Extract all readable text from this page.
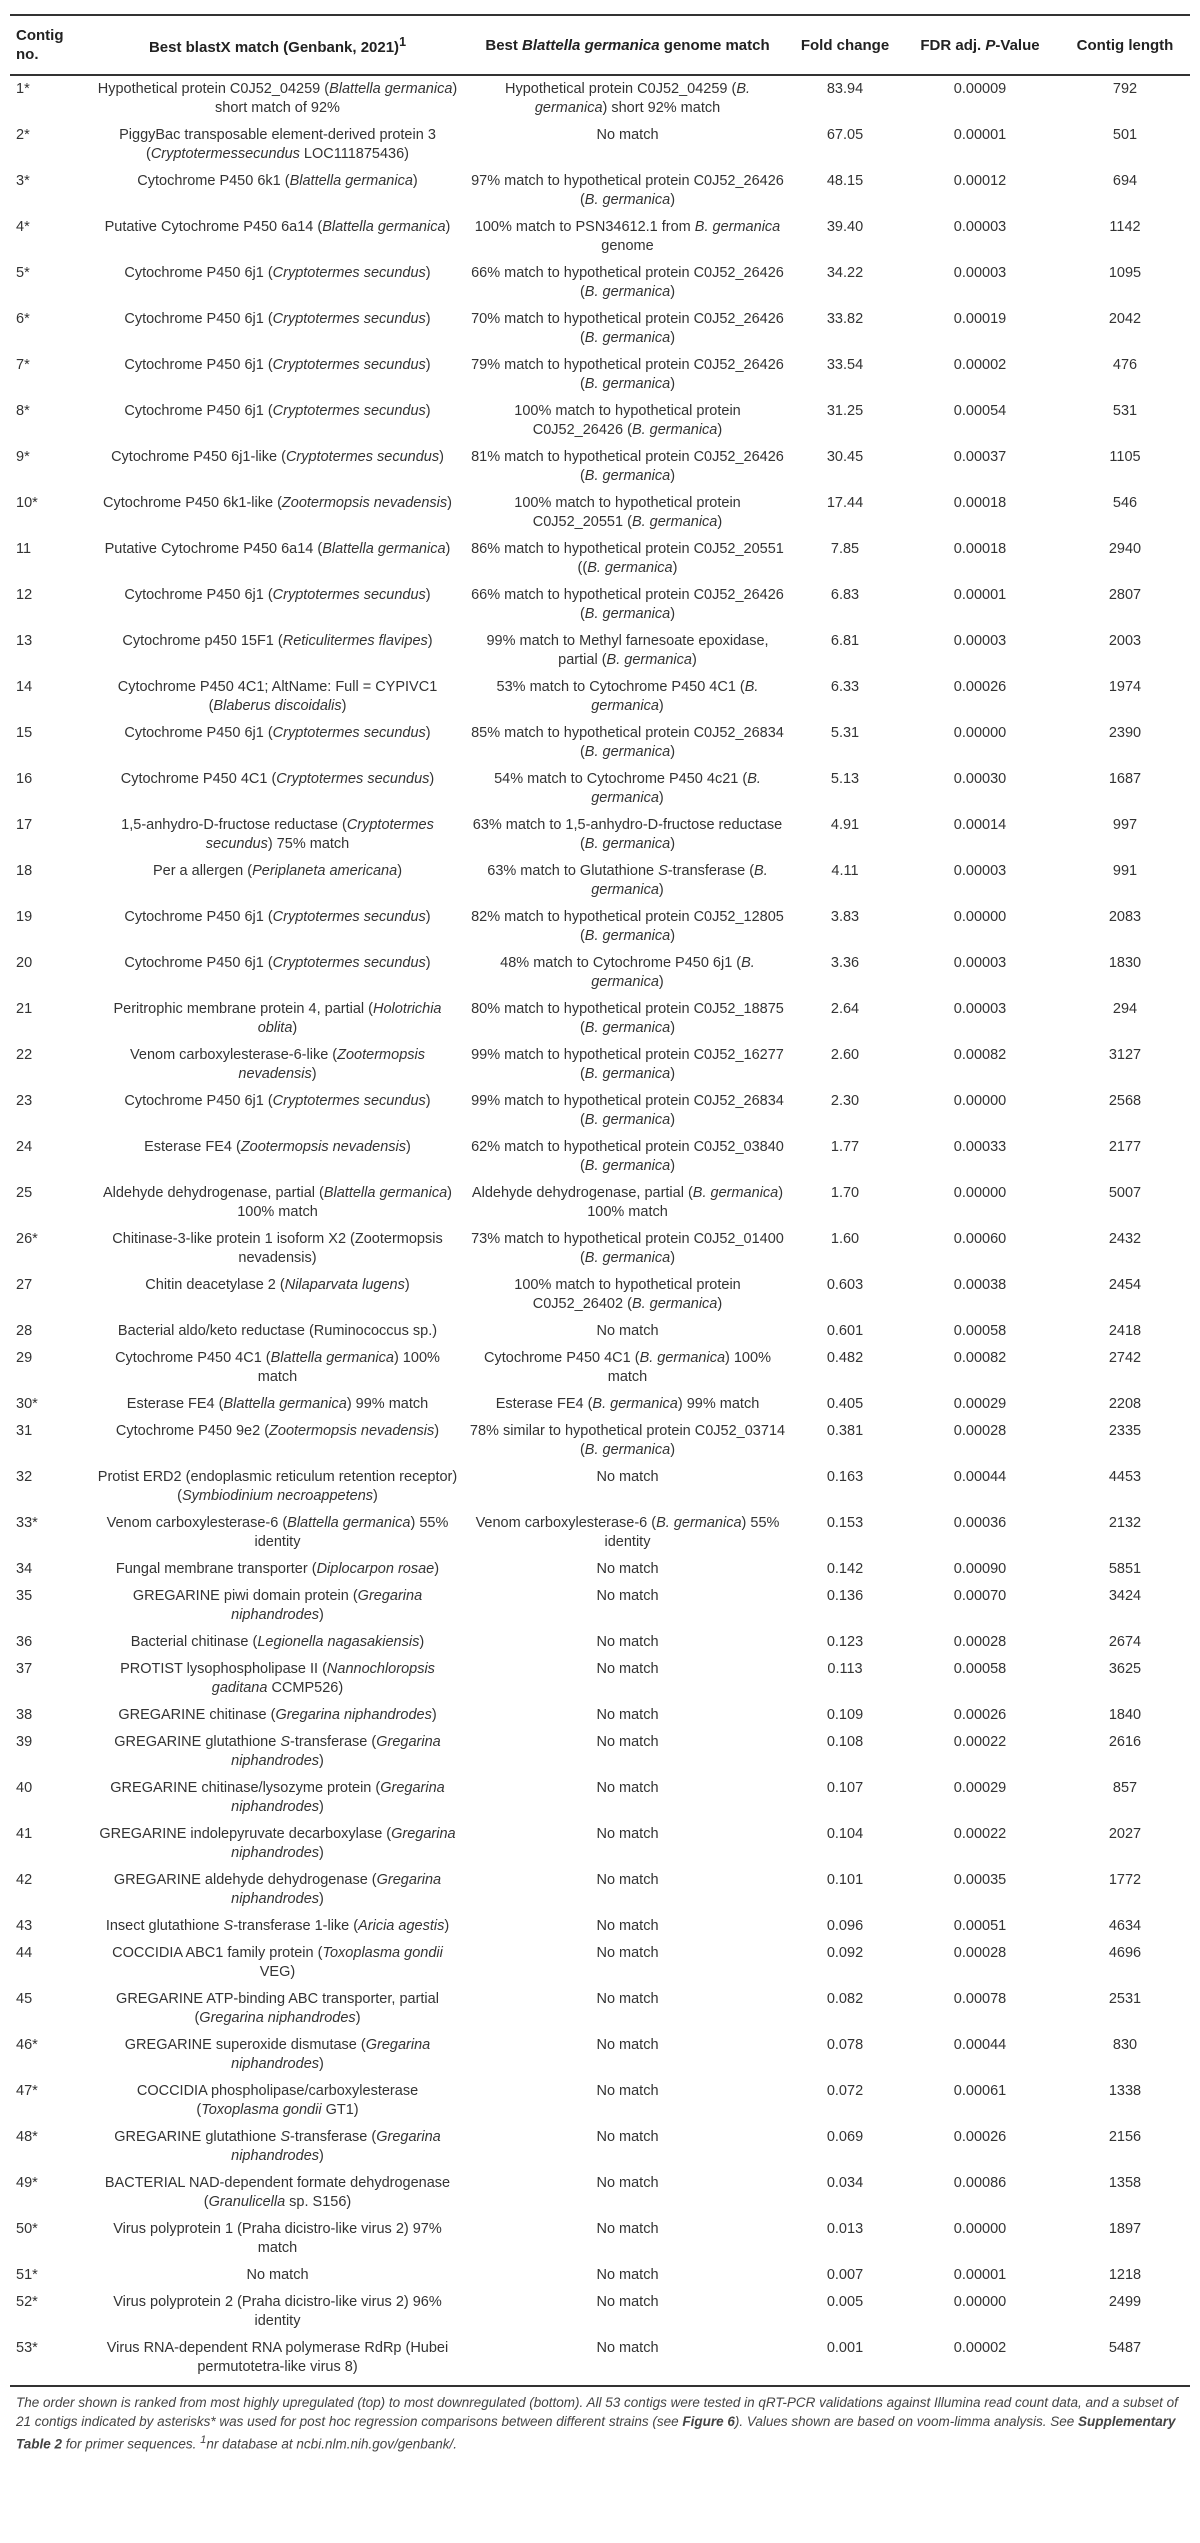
Contig no.	Best blastX match (Genbank, 2021)$^1$	Best Blattella germanica genome match	Fold change	FDR adj. P-Value	Contig length
1*	Hypothetical protein C0J52_04259 (Blattella germanica) short match of 92%	Hypothetical protein C0J52_04259 (B. germanica) short 92% match	83.94	0.00009	792
2*	PiggyBac transposable element-derived protein 3 (Cryptotermessecundus LOC111875436)	No match	67.05	0.00001	501
3*	Cytochrome P450 6k1 (Blattella germanica)	97% match to hypothetical protein C0J52_26426 (B. germanica)	48.15	0.00012	694
4*	Putative Cytochrome P450 6a14 (Blattella germanica)	100% match to PSN34612.1 from B. germanica genome	39.40	0.00003	1142
5*	Cytochrome P450 6j1 (Cryptotermes secundus)	66% match to hypothetical protein C0J52_26426 (B. germanica)	34.22	0.00003	1095
6*	Cytochrome P450 6j1 (Cryptotermes secundus)	70% match to hypothetical protein C0J52_26426 (B. germanica)	33.82	0.00019	2042
7*	Cytochrome P450 6j1 (Cryptotermes secundus)	79% match to hypothetical protein C0J52_26426 (B. germanica)	33.54	0.00002	476
8*	Cytochrome P450 6j1 (Cryptotermes secundus)	100% match to hypothetical protein C0J52_26426 (B. germanica)	31.25	0.00054	531
9*	Cytochrome P450 6j1-like (Cryptotermes secundus)	81% match to hypothetical protein C0J52_26426 (B. germanica)	30.45	0.00037	1105
10*	Cytochrome P450 6k1-like (Zootermopsis nevadensis)	100% match to hypothetical protein C0J52_20551 (B. germanica)	17.44	0.00018	546
11	Putative Cytochrome P450 6a14 (Blattella germanica)	86% match to hypothetical protein C0J52_20551 ((B. germanica)	7.85	0.00018	2940
12	Cytochrome P450 6j1 (Cryptotermes secundus)	66% match to hypothetical protein C0J52_26426 (B. germanica)	6.83	0.00001	2807
13	Cytochrome p450 15F1 (Reticulitermes flavipes)	99% match to Methyl farnesoate epoxidase, partial (B. germanica)	6.81	0.00003	2003
14	Cytochrome P450 4C1; AltName: Full = CYPIVC1 (Blaberus discoidalis)	53% match to Cytochrome P450 4C1 (B. germanica)	6.33	0.00026	1974
15	Cytochrome P450 6j1 (Cryptotermes secundus)	85% match to hypothetical protein C0J52_26834 (B. germanica)	5.31	0.00000	2390
16	Cytochrome P450 4C1 (Cryptotermes secundus)	54% match to Cytochrome P450 4c21 (B. germanica)	5.13	0.00030	1687
17	1,5-anhydro-D-fructose reductase (Cryptotermes secundus) 75% match	63% match to 1,5-anhydro-D-fructose reductase (B. germanica)	4.91	0.00014	997
18	Per a allergen (Periplaneta americana)	63% match to Glutathione S-transferase (B. germanica)	4.11	0.00003	991
19	Cytochrome P450 6j1 (Cryptotermes secundus)	82% match to hypothetical protein C0J52_12805 (B. germanica)	3.83	0.00000	2083
20	Cytochrome P450 6j1 (Cryptotermes secundus)	48% match to Cytochrome P450 6j1 (B. germanica)	3.36	0.00003	1830
21	Peritrophic membrane protein 4, partial (Holotrichia oblita)	80% match to hypothetical protein C0J52_18875 (B. germanica)	2.64	0.00003	294
22	Venom carboxylesterase-6-like (Zootermopsis nevadensis)	99% match to hypothetical protein C0J52_16277 (B. germanica)	2.60	0.00082	3127
23	Cytochrome P450 6j1 (Cryptotermes secundus)	99% match to hypothetical protein C0J52_26834 (B. germanica)	2.30	0.00000	2568
24	Esterase FE4 (Zootermopsis nevadensis)	62% match to hypothetical protein C0J52_03840 (B. germanica)	1.77	0.00033	2177
25	Aldehyde dehydrogenase, partial (Blattella germanica) 100% match	Aldehyde dehydrogenase, partial (B. germanica) 100% match	1.70	0.00000	5007
26*	Chitinase-3-like protein 1 isoform X2 (Zootermopsis nevadensis)	73% match to hypothetical protein C0J52_01400 (B. germanica)	1.60	0.00060	2432
27	Chitin deacetylase 2 (Nilaparvata lugens)	100% match to hypothetical protein C0J52_26402 (B. germanica)	0.603	0.00038	2454
28	Bacterial aldo/keto reductase (Ruminococcus sp.)	No match	0.601	0.00058	2418
29	Cytochrome P450 4C1 (Blattella germanica) 100% match	Cytochrome P450 4C1 (B. germanica) 100% match	0.482	0.00082	2742
30*	Esterase FE4 (Blattella germanica) 99% match	Esterase FE4 (B. germanica) 99% match	0.405	0.00029	2208
31	Cytochrome P450 9e2 (Zootermopsis nevadensis)	78% similar to hypothetical protein C0J52_03714 (B. germanica)	0.381	0.00028	2335
32	Protist ERD2 (endoplasmic reticulum retention receptor) (Symbiodinium necroappetens)	No match	0.163	0.00044	4453
33*	Venom carboxylesterase-6 (Blattella germanica) 55% identity	Venom carboxylesterase-6 (B. germanica) 55% identity	0.153	0.00036	2132
34	Fungal membrane transporter (Diplocarpon rosae)	No match	0.142	0.00090	5851
35	GREGARINE piwi domain protein (Gregarina niphandrodes)	No match	0.136	0.00070	3424
36	Bacterial chitinase (Legionella nagasakiensis)	No match	0.123	0.00028	2674
37	PROTIST lysophospholipase II (Nannochloropsis gaditana CCMP526)	No match	0.113	0.00058	3625
38	GREGARINE chitinase (Gregarina niphandrodes)	No match	0.109	0.00026	1840
39	GREGARINE glutathione S-transferase (Gregarina niphandrodes)	No match	0.108	0.00022	2616
40	GREGARINE chitinase/lysozyme protein (Gregarina niphandrodes)	No match	0.107	0.00029	857
41	GREGARINE indolepyruvate decarboxylase (Gregarina niphandrodes)	No match	0.104	0.00022	2027
42	GREGARINE aldehyde dehydrogenase (Gregarina niphandrodes)	No match	0.101	0.00035	1772
43	Insect glutathione S-transferase 1-like (Aricia agestis)	No match	0.096	0.00051	4634
44	COCCIDIA ABC1 family protein (Toxoplasma gondii VEG)	No match	0.092	0.00028	4696
45	GREGARINE ATP-binding ABC transporter, partial (Gregarina niphandrodes)	No match	0.082	0.00078	2531
46*	GREGARINE superoxide dismutase (Gregarina niphandrodes)	No match	0.078	0.00044	830
47*	COCCIDIA phospholipase/carboxylesterase (Toxoplasma gondii GT1)	No match	0.072	0.00061	1338
48*	GREGARINE glutathione S-transferase (Gregarina niphandrodes)	No match	0.069	0.00026	2156
49*	BACTERIAL NAD-dependent formate dehydrogenase (Granulicella sp. S156)	No match	0.034	0.00086	1358
50*	Virus polyprotein 1 (Praha dicistro-like virus 2) 97% match	No match	0.013	0.00000	1897
51*	No match	No match	0.007	0.00001	1218
52*	Virus polyprotein 2 (Praha dicistro-like virus 2) 96% identity	No match	0.005	0.00000	2499
53*	Virus RNA-dependent RNA polymerase RdRp (Hubei permutotetra-like virus 8)	No match	0.001	0.00002	5487

The order shown is ranked from most highly upregulated (top) to most downregulated (bottom). All 53 contigs were tested in qRT-PCR validations against Illumina read count data, and a subset of 21 contigs indicated by asterisks* was used for post hoc regression comparisons between different strains (see Figure 6). Values shown are based on voom-limma analysis. See Supplementary Table 2 for primer sequences. $^1$nr database at ncbi.nlm.nih.gov/genbank/.
